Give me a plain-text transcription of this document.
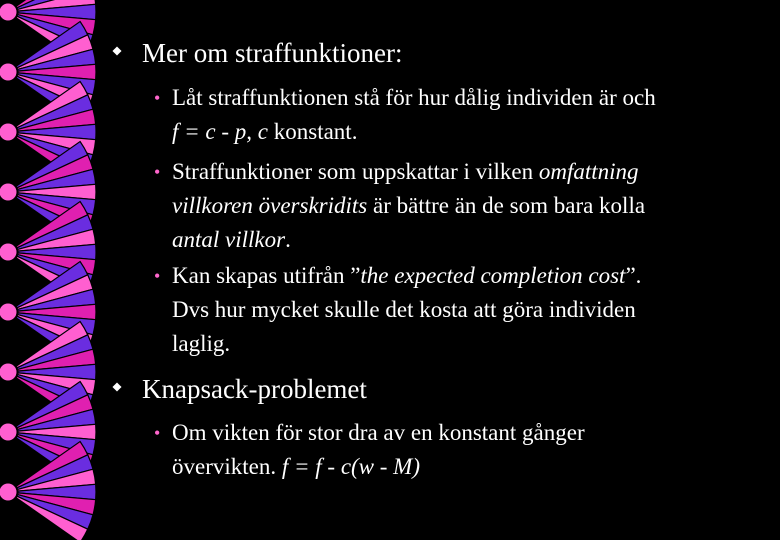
Mer om straffunktioner:
• Låt straffunktionen stå för hur dålig individen är och
f = c - p, c konstant.
• Straffunktioner som uppskattar i vilken omfattning
villkoren överskridits är bättre än de som bara kolla
antal villkor.
• Kan skapas utifrån ”the expected completion cost”.
Dvs hur mycket skulle det kosta att göra individen
laglig.
Knapsack-problemet
• Om vikten för stor dra av en konstant gånger
övervikten. f = f - c(w - M)
